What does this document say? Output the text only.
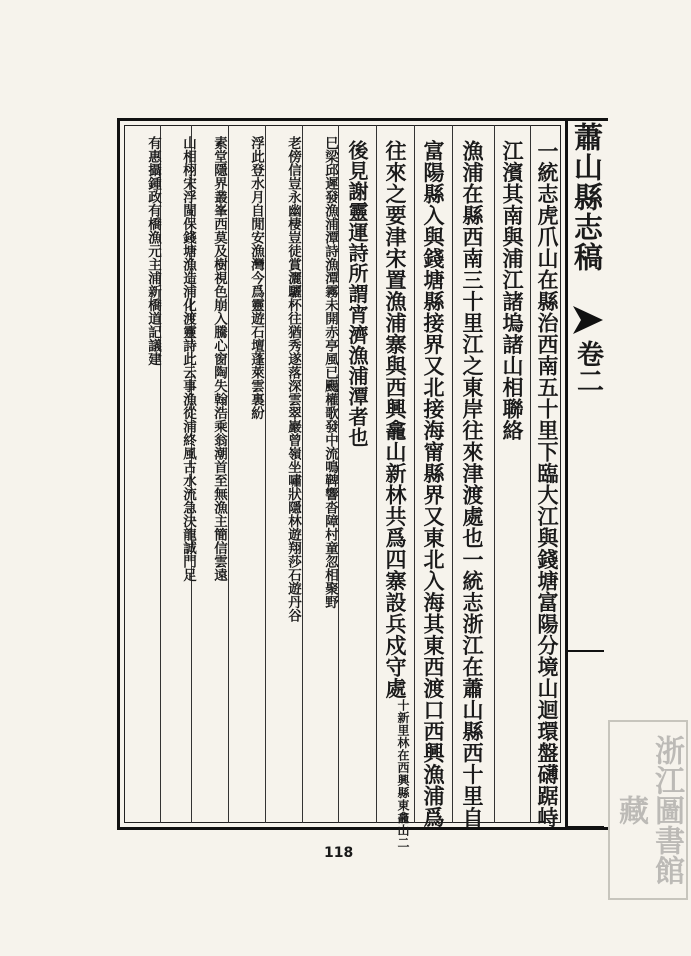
蕭山縣志稿
卷二
一統志虎爪山在縣治西南五十里下臨大江與錢塘富陽分境山迴環盤礴踞峙
江濱其南與浦江諸塢諸山相聯絡
漁浦在縣西南三十里江之東岸往來津渡處也一統志浙江在蕭山縣西十里自
富陽縣入與錢塘縣接界又北接海甯縣界又東北入海其東西渡口西興漁浦爲
往來之要津宋置漁浦寨與西興龕山新林共爲四寨設兵戍守處十新里林在西興縣東龕山二
後見謝靈運詩所謂宵濟漁浦潭者也
巳梁邱遲發漁浦潭詩漁潭霧未開赤亭風已颺權歌發中流鳴鞞響沓障村童忽相聚野
老傍信豈永幽棲豈徒賞灑驪杯往猶秀遂落深雲翠巖曾嶺坐嘯狀隱林遊翔莎石遊丹谷
浮此登水月自閒安漁灣今爲靈遊石壇蓬萊雲裏紛
素堂隱界叢峯西莫及樹視色崩入騰心窗陶失翰浩乘翁潮首至無漁主簡信雲遠
山相栩宋浮閩保錢塘漁造浦化渡靈詩此云事漁從浦終風古水流急決龍誠門足
有惠攝鍾政有橋漁元主浦新橋道記議建
118	浙江圖書館藏
